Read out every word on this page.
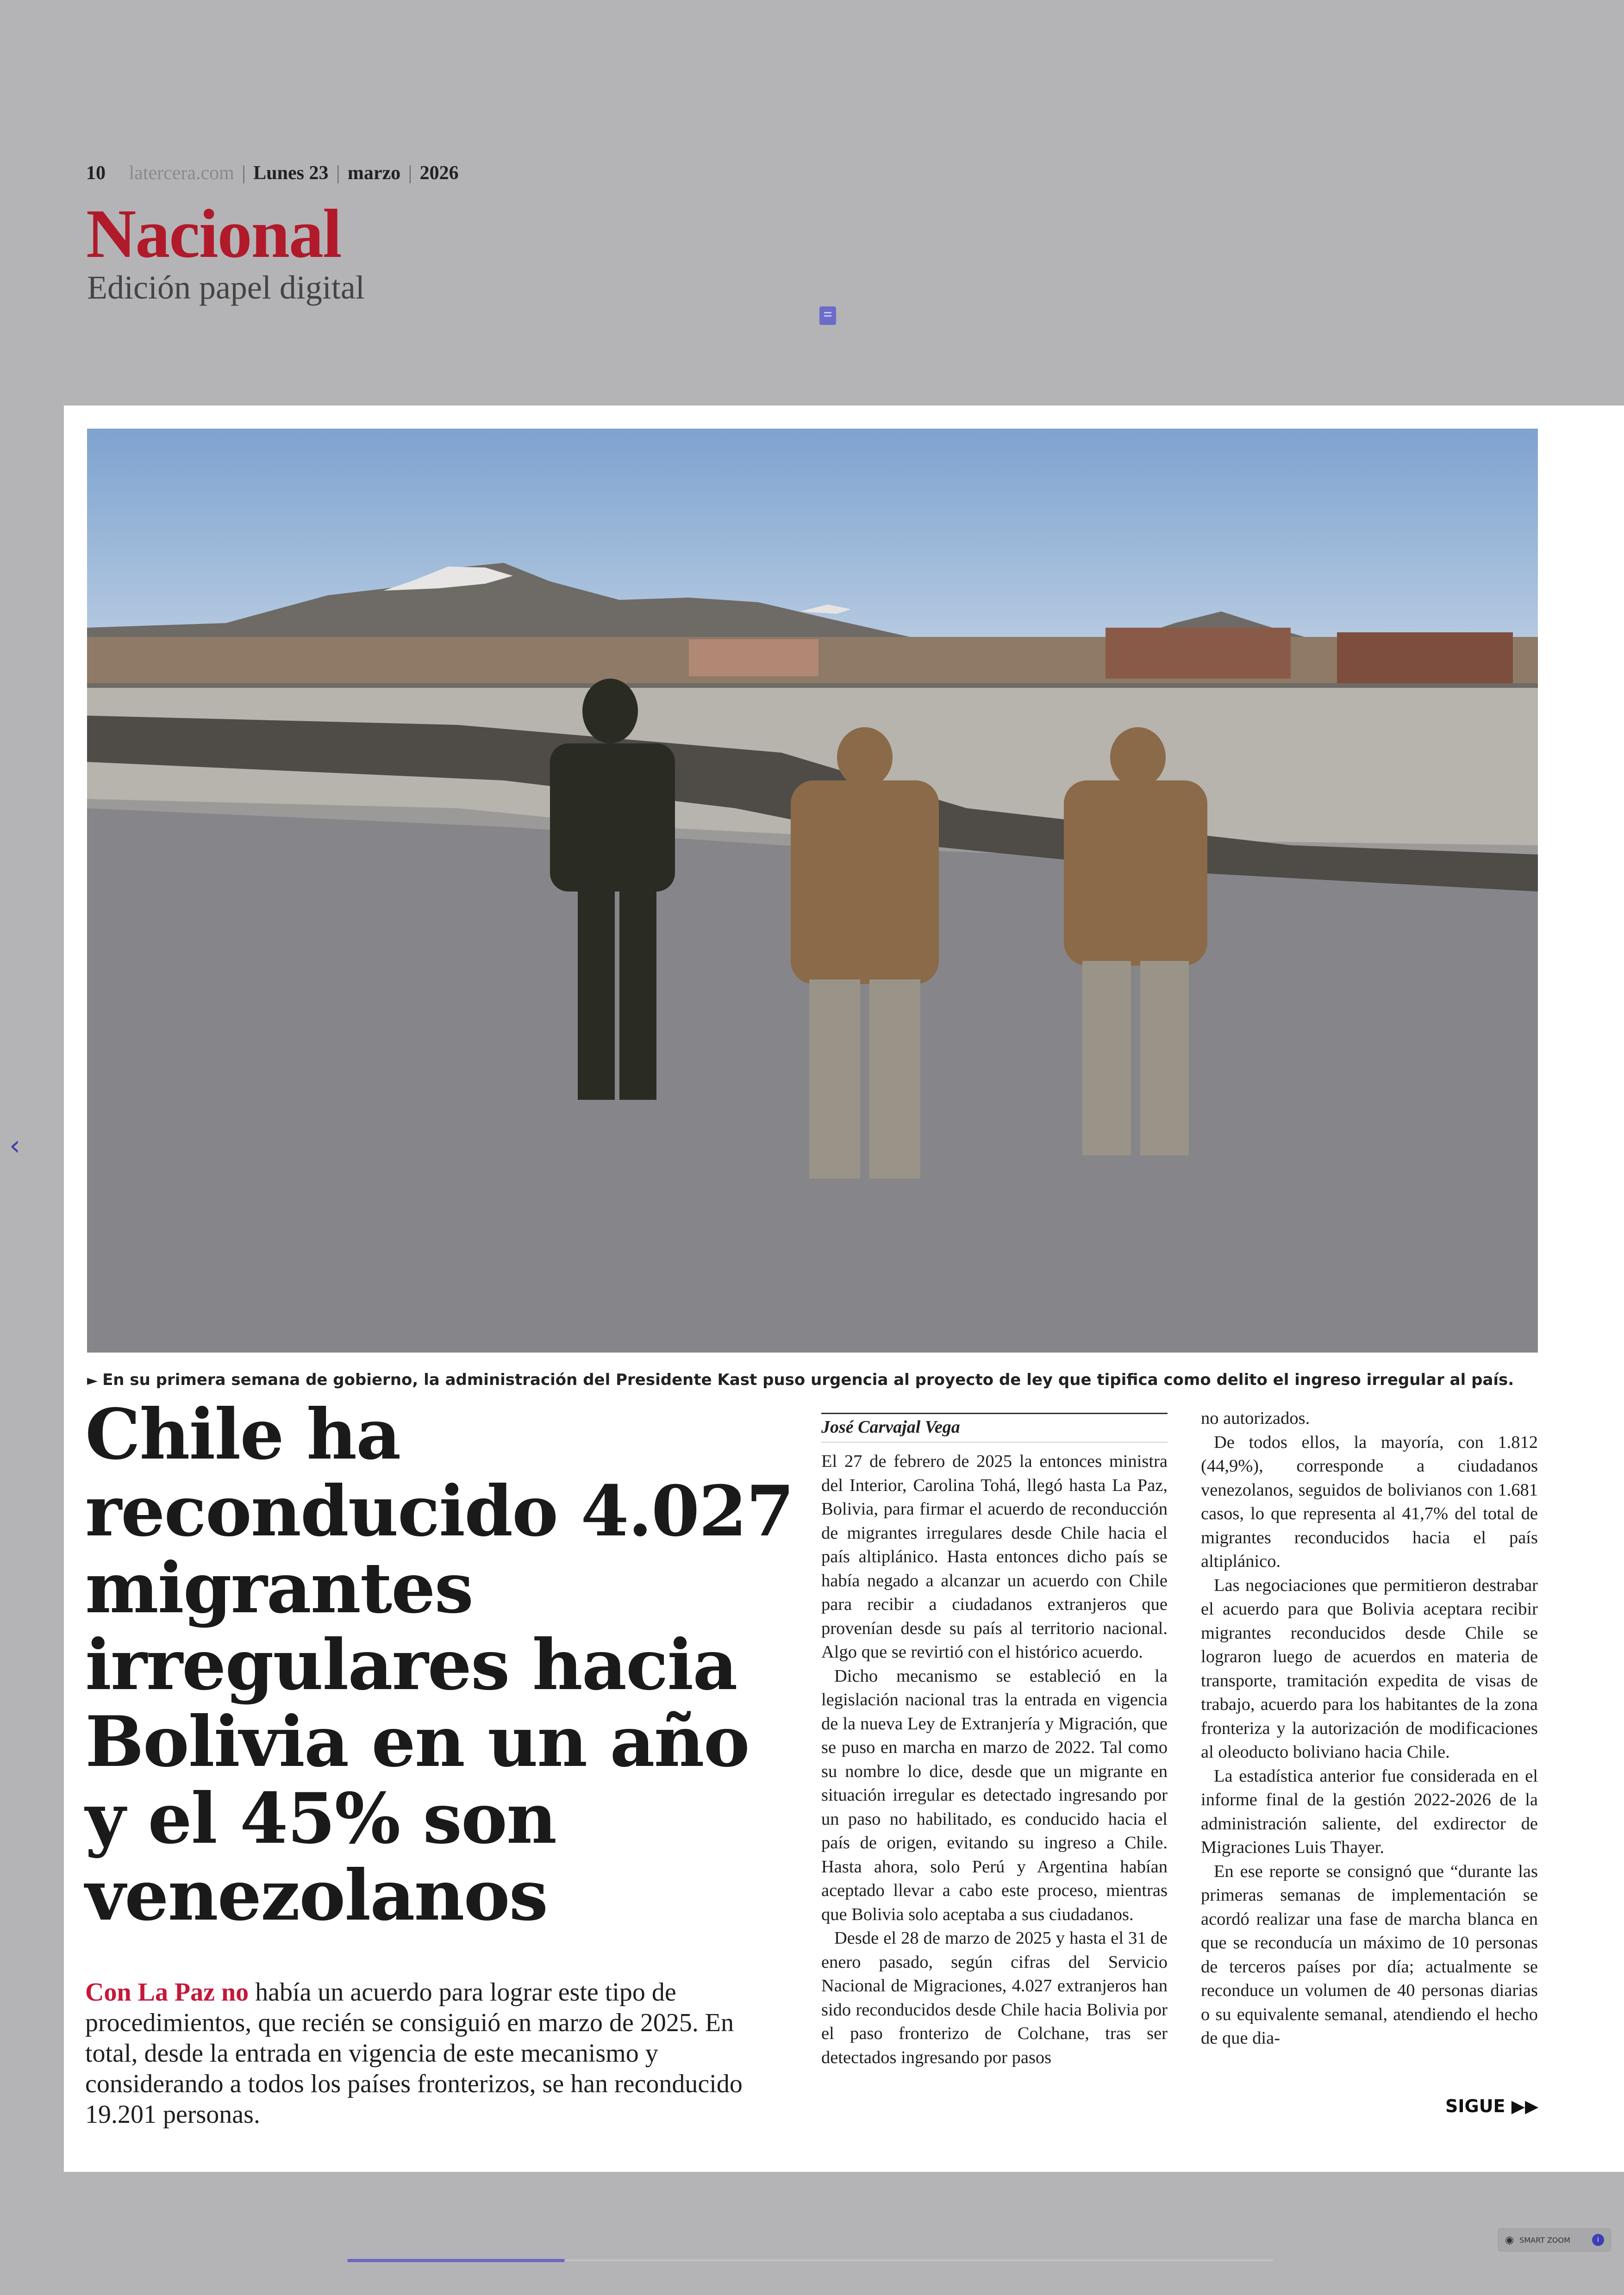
10 latercera.com | Lunes 23 | marzo | 2026
Nacional
Edición papel digital
‹
► En su primera semana de gobierno, la administración del Presidente Kast puso urgencia al proyecto de ley que tipifica como delito el ingreso irregular al país.
Chile ha reconducido 4.027 migrantes irregulares hacia Bolivia en un año y el 45% son venezolanos
Con La Paz no había un acuerdo para lograr este tipo de procedimientos, que recién se consiguió en marzo de 2025. En total, desde la entrada en vigencia de este mecanismo y considerando a todos los países fronterizos, se han reconducido 19.201 personas.
José Carvajal Vega

El 27 de febrero de 2025 la entonces ministra del Interior, Carolina Tohá, llegó hasta La Paz, Bolivia, para firmar el acuerdo de reconducción de migrantes irregulares desde Chile hacia el país altiplánico. Hasta entonces dicho país se había negado a alcanzar un acuerdo con Chile para recibir a ciudadanos extranjeros que provenían desde su país al territorio nacional. Algo que se revirtió con el histórico acuerdo.

Dicho mecanismo se estableció en la legislación nacional tras la entrada en vigencia de la nueva Ley de Extranjería y Migración, que se puso en marcha en marzo de 2022. Tal como su nombre lo dice, desde que un migrante en situación irregular es detectado ingresando por un paso no habilitado, es conducido hacia el país de origen, evitando su ingreso a Chile. Hasta ahora, solo Perú y Argentina habían aceptado llevar a cabo este proceso, mientras que Bolivia solo aceptaba a sus ciudadanos.

Desde el 28 de marzo de 2025 y hasta el 31 de enero pasado, según cifras del Servicio Nacional de Migraciones, 4.027 extranjeros han sido reconducidos desde Chile hacia Bolivia por el paso fronterizo de Colchane, tras ser detectados ingresando por pasos

no autorizados.

De todos ellos, la mayoría, con 1.812 (44,9%), corresponde a ciudadanos venezolanos, seguidos de bolivianos con 1.681 casos, lo que representa al 41,7% del total de migrantes reconducidos hacia el país altiplánico.

Las negociaciones que permitieron destrabar el acuerdo para que Bolivia aceptara recibir migrantes reconducidos desde Chile se lograron luego de acuerdos en materia de transporte, tramitación expedita de visas de trabajo, acuerdo para los habitantes de la zona fronteriza y la autorización de modificaciones al oleoducto boliviano hacia Chile.

La estadística anterior fue considerada en el informe final de la gestión 2022-2026 de la administración saliente, del exdirector de Migraciones Luis Thayer.

En ese reporte se consignó que “durante las primeras semanas de implementación se acordó realizar una fase de marcha blanca en que se reconducía un máximo de 10 personas de terceros países por día; actualmente se reconduce un volumen de 40 personas diarias o su equivalente semanal, atendiendo el hecho de que dia-

SIGUE ▶▶
◉ SMART ZOOM	i
